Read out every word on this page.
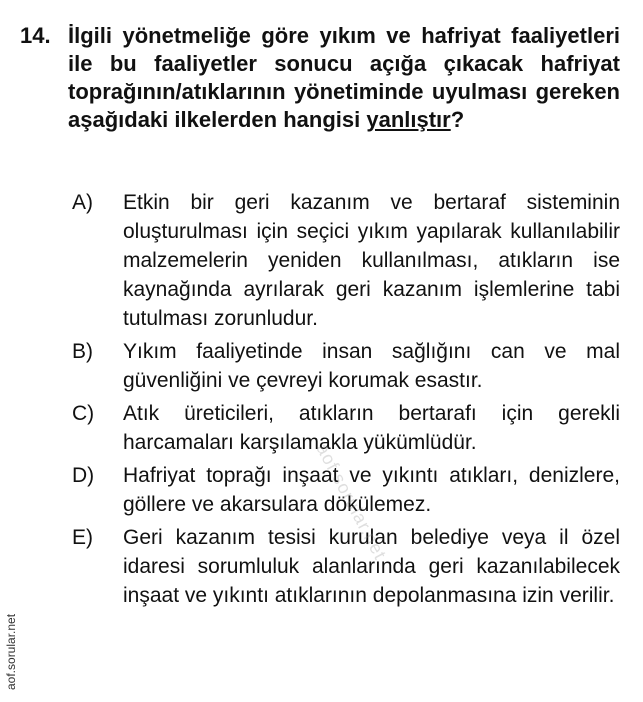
14. İlgili yönetmeliğe göre yıkım ve hafriyat faaliyetleri ile bu faaliyetler sonucu açığa çıkacak hafriyat toprağının/atıklarının yönetiminde uyulması gereken aşağıdaki ilkelerden hangisi yanlıştır?
A) Etkin bir geri kazanım ve bertaraf sisteminin oluşturulması için seçici yıkım yapılarak kullanılabilir malzemelerin yeniden kullanılması, atıkların ise kaynağında ayrılarak geri kazanım işlemlerine tabi tutulması zorunludur.
B) Yıkım faaliyetinde insan sağlığını can ve mal güvenliğini ve çevreyi korumak esastır.
C) Atık üreticileri, atıkların bertarafı için gerekli harcamaları karşılamakla yükümlüdür.
D) Hafriyat toprağı inşaat ve yıkıntı atıkları, denizlere, göllere ve akarsulara dökülemez.
E) Geri kazanım tesisi kurulan belediye veya il özel idaresi sorumluluk alanlarında geri kazanılabilecek inşaat ve yıkıntı atıklarının depolanmasına izin verilir.
aof.sorular.net
aof.sorular.net
